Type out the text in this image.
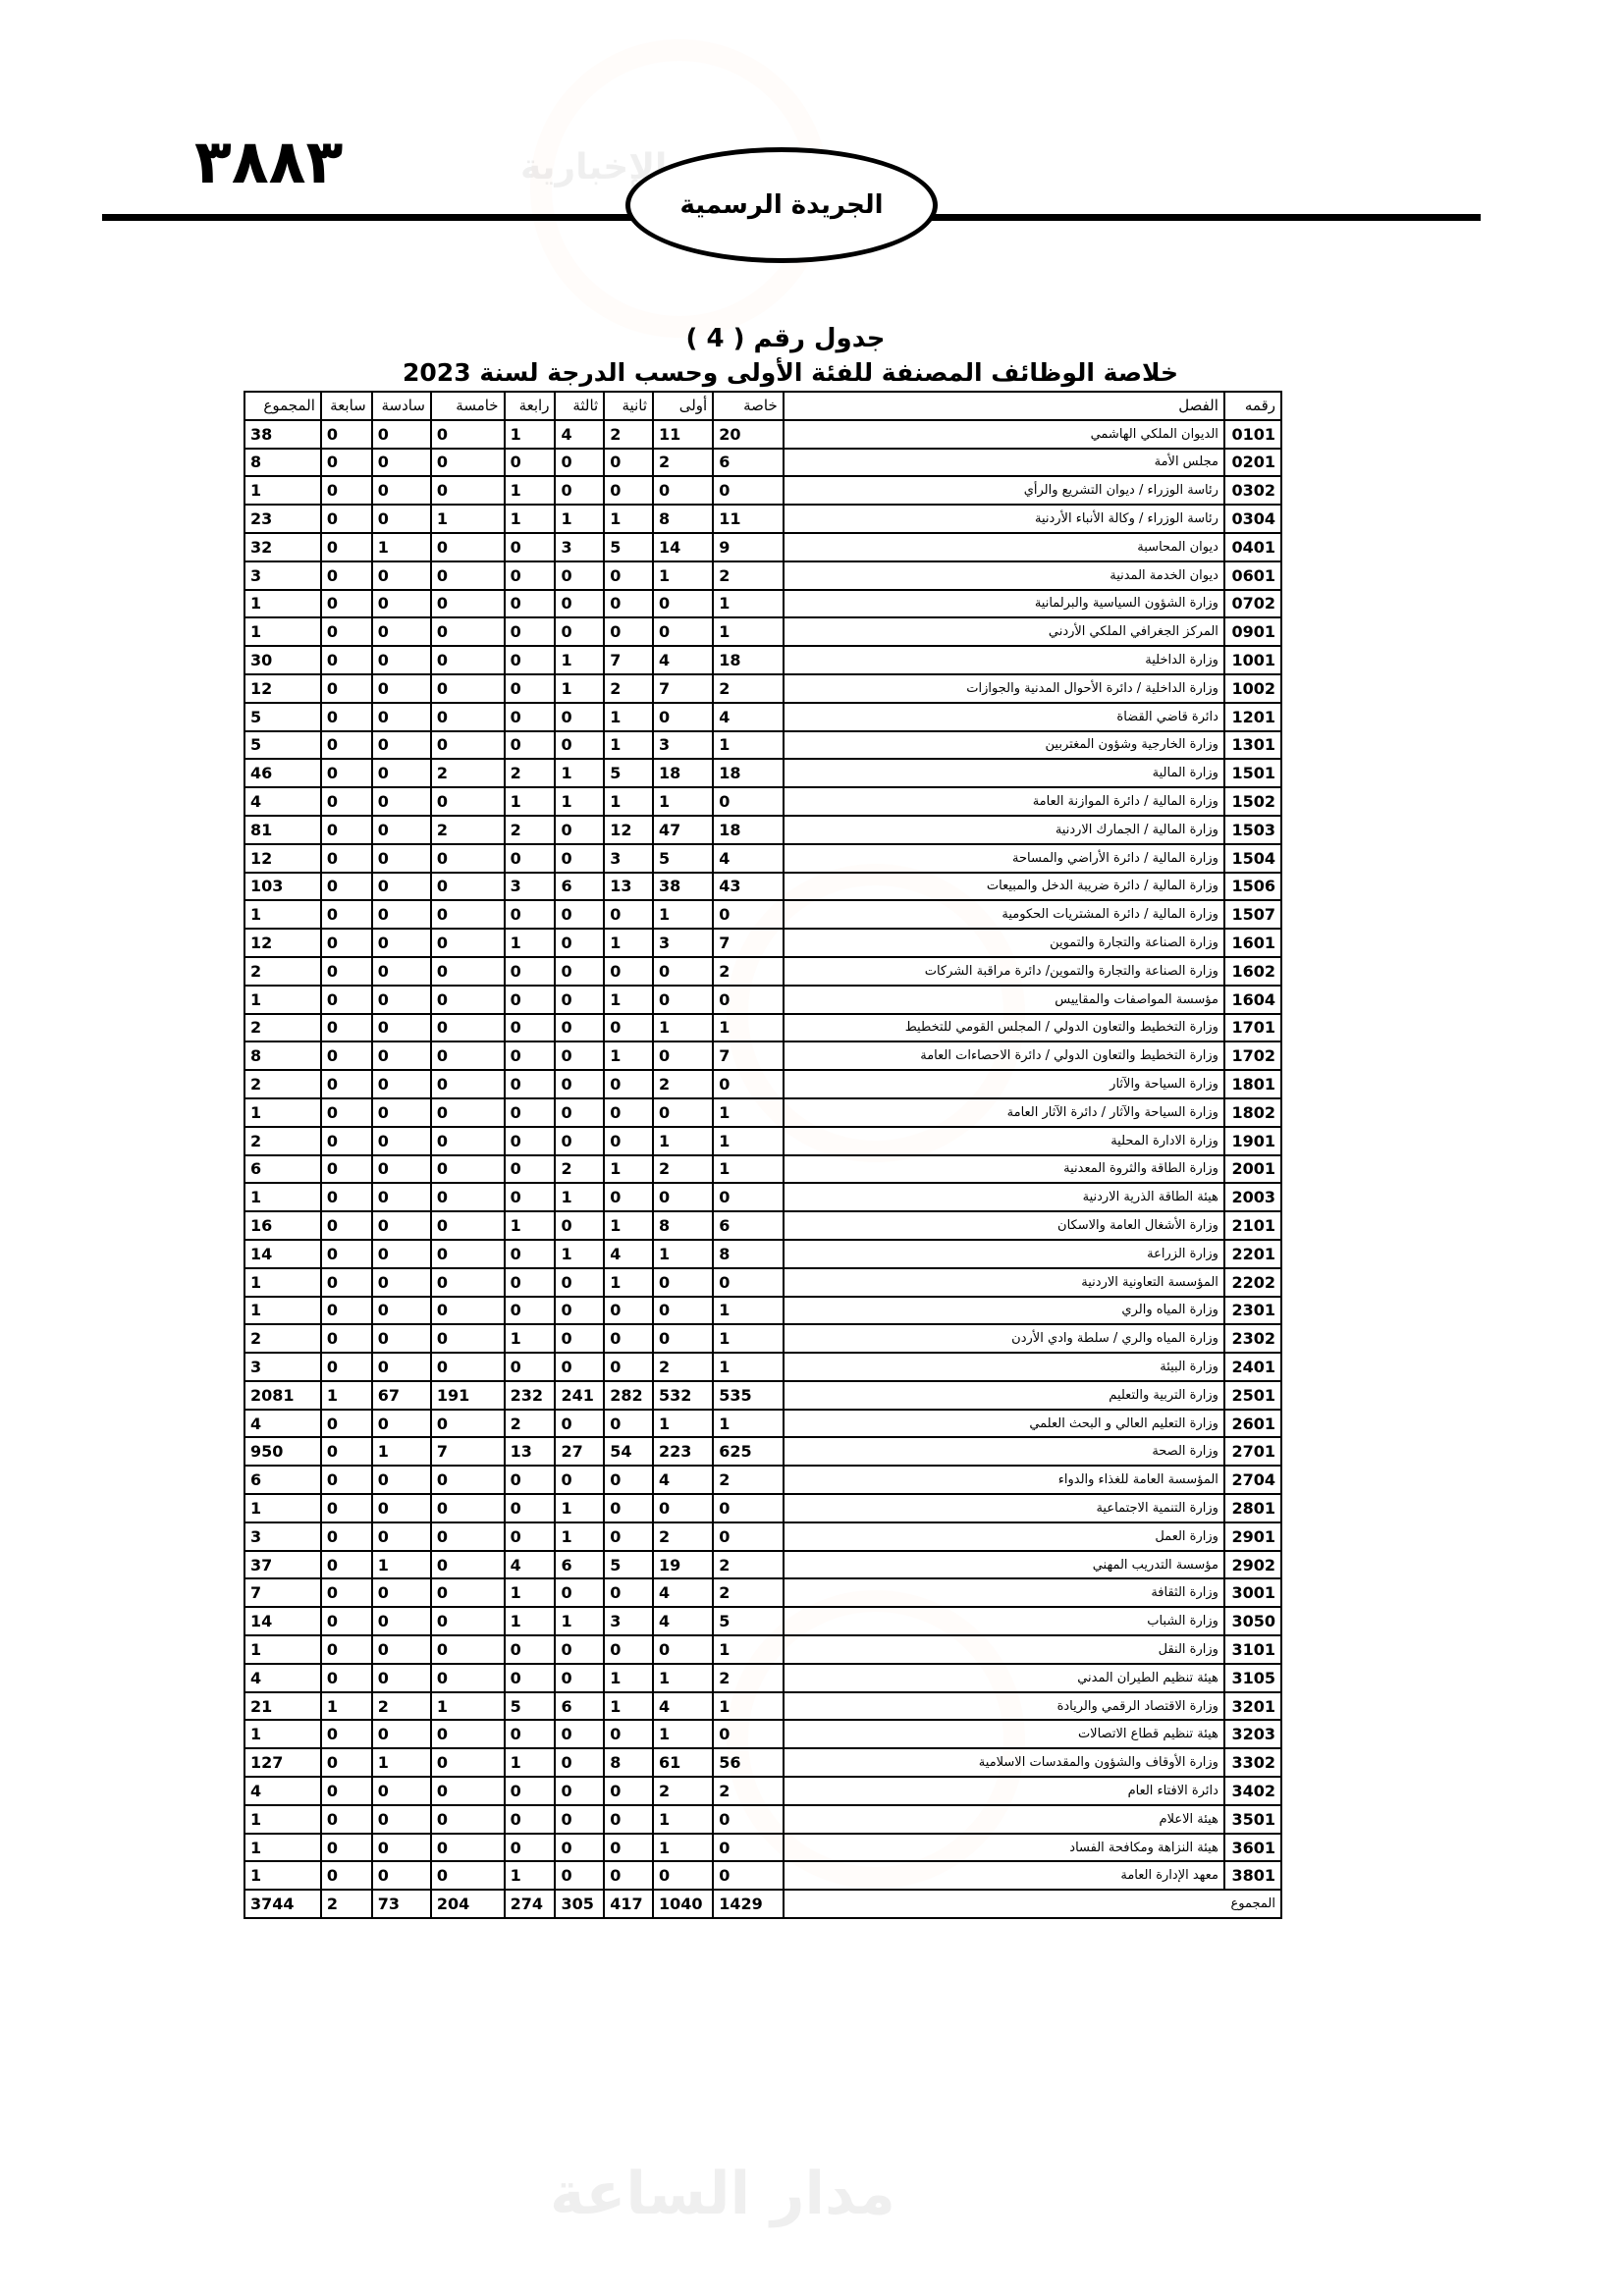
الإخبارية
مدار الساعة
٣٨٨٣
الجريدة الرسمية
جدول رقم ( 4 )
خلاصة الوظائف المصنفة للفئة الأولى وحسب الدرجة لسنة 2023
رقمه	الفصل	خاصة	أولى	ثانية	ثالثة	رابعة	خامسة	سادسة	سابعة	المجموع
0101	الديوان الملكي الهاشمي	20	11	2	4	1	0	0	0	38
0201	مجلس الأمة	6	2	0	0	0	0	0	0	8
0302	رئاسة الوزراء / ديوان التشريع والرأي	0	0	0	0	1	0	0	0	1
0304	رئاسة الوزراء / وكالة الأنباء الأردنية	11	8	1	1	1	1	0	0	23
0401	ديوان المحاسبة	9	14	5	3	0	0	1	0	32
0601	ديوان الخدمة المدنية	2	1	0	0	0	0	0	0	3
0702	وزارة الشؤون السياسية والبرلمانية	1	0	0	0	0	0	0	0	1
0901	المركز الجغرافي الملكي الأردني	1	0	0	0	0	0	0	0	1
1001	وزارة الداخلية	18	4	7	1	0	0	0	0	30
1002	وزارة الداخلية / دائرة الأحوال المدنية والجوازات	2	7	2	1	0	0	0	0	12
1201	دائرة قاضي القضاة	4	0	1	0	0	0	0	0	5
1301	وزارة الخارجية وشؤون المغتربين	1	3	1	0	0	0	0	0	5
1501	وزارة المالية	18	18	5	1	2	2	0	0	46
1502	وزارة المالية / دائرة الموازنة العامة	0	1	1	1	1	0	0	0	4
1503	وزارة المالية / الجمارك الاردنية	18	47	12	0	2	2	0	0	81
1504	وزارة المالية / دائرة الأراضي والمساحة	4	5	3	0	0	0	0	0	12
1506	وزارة المالية / دائرة ضريبة الدخل والمبيعات	43	38	13	6	3	0	0	0	103
1507	وزارة المالية / دائرة المشتريات الحكومية	0	1	0	0	0	0	0	0	1
1601	وزارة الصناعة والتجارة والتموين	7	3	1	0	1	0	0	0	12
1602	وزارة الصناعة والتجارة والتموين/ دائرة مراقبة الشركات	2	0	0	0	0	0	0	0	2
1604	مؤسسة المواصفات والمقاييس	0	0	1	0	0	0	0	0	1
1701	وزارة التخطيط والتعاون الدولي / المجلس القومي للتخطيط	1	1	0	0	0	0	0	0	2
1702	وزارة التخطيط والتعاون الدولي / دائرة الاحصاءات العامة	7	0	1	0	0	0	0	0	8
1801	وزارة السياحة والآثار	0	2	0	0	0	0	0	0	2
1802	وزارة السياحة والآثار / دائرة الآثار العامة	1	0	0	0	0	0	0	0	1
1901	وزارة الادارة المحلية	1	1	0	0	0	0	0	0	2
2001	وزارة الطاقة والثروة المعدنية	1	2	1	2	0	0	0	0	6
2003	هيئة الطاقة الذرية الاردنية	0	0	0	1	0	0	0	0	1
2101	وزارة الأشغال العامة والاسكان	6	8	1	0	1	0	0	0	16
2201	وزارة الزراعة	8	1	4	1	0	0	0	0	14
2202	المؤسسة التعاونية الاردنية	0	0	1	0	0	0	0	0	1
2301	وزارة المياه والري	1	0	0	0	0	0	0	0	1
2302	وزارة المياه والري / سلطة وادي الأردن	1	0	0	0	1	0	0	0	2
2401	وزارة البيئة	1	2	0	0	0	0	0	0	3
2501	وزارة التربية والتعليم	535	532	282	241	232	191	67	1	2081
2601	وزارة التعليم العالي و البحث العلمي	1	1	0	0	2	0	0	0	4
2701	وزارة الصحة	625	223	54	27	13	7	1	0	950
2704	المؤسسة العامة للغذاء والدواء	2	4	0	0	0	0	0	0	6
2801	وزارة التنمية الاجتماعية	0	0	0	1	0	0	0	0	1
2901	وزارة العمل	0	2	0	1	0	0	0	0	3
2902	مؤسسة التدريب المهني	2	19	5	6	4	0	1	0	37
3001	وزارة الثقافة	2	4	0	0	1	0	0	0	7
3050	وزارة الشباب	5	4	3	1	1	0	0	0	14
3101	وزارة النقل	1	0	0	0	0	0	0	0	1
3105	هيئة تنظيم الطيران المدني	2	1	1	0	0	0	0	0	4
3201	وزارة الاقتصاد الرقمي والريادة	1	4	1	6	5	1	2	1	21
3203	هيئة تنظيم قطاع الاتصالات	0	1	0	0	0	0	0	0	1
3302	وزارة الأوقاف والشؤون والمقدسات الاسلامية	56	61	8	0	1	0	1	0	127
3402	دائرة الافتاء العام	2	2	0	0	0	0	0	0	4
3501	هيئة الاعلام	0	1	0	0	0	0	0	0	1
3601	هيئة النزاهة ومكافحة الفساد	0	1	0	0	0	0	0	0	1
3801	معهد الإدارة العامة	0	0	0	0	1	0	0	0	1
المجموع		1429	1040	417	305	274	204	73	2	3744
